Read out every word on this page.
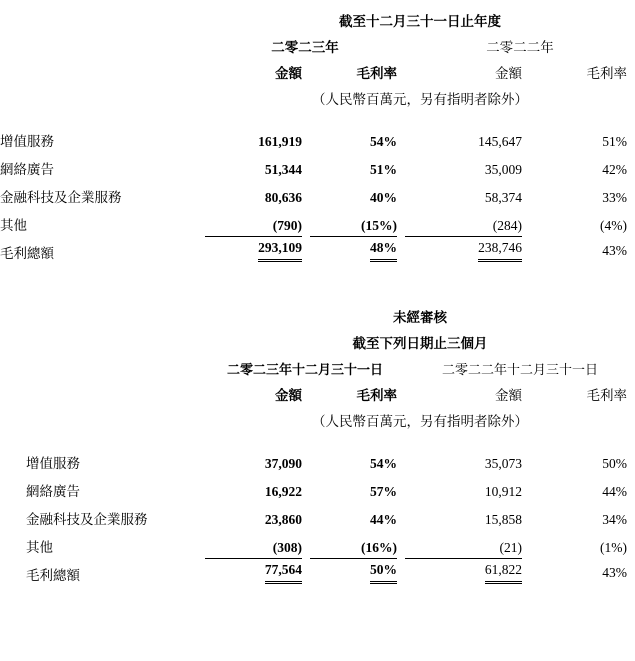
	截至十二月三十一日止年度			
	二零二三年		二零二二年	
	金額	毛利率	金額	毛利率
	（人民幣百萬元，另有指明者除外）			

增值服務	161,919	54%	145,647	51%
網絡廣告	51,344	51%	35,009	42%
金融科技及企業服務	80,636	40%	58,374	33%
其他	(790)	(15%)	(284)	(4%)
毛利總額	293,109	48%	238,746	43%
	未經審核			
	截至下列日期止三個月			
	二零二三年十二月三十一日		二零二二年十二月三十一日	
	金額	毛利率	金額	毛利率
	（人民幣百萬元，另有指明者除外）			

增值服務	37,090	54%	35,073	50%
網絡廣告	16,922	57%	10,912	44%
金融科技及企業服務	23,860	44%	15,858	34%
其他	(308)	(16%)	(21)	(1%)
毛利總額	77,564	50%	61,822	43%
